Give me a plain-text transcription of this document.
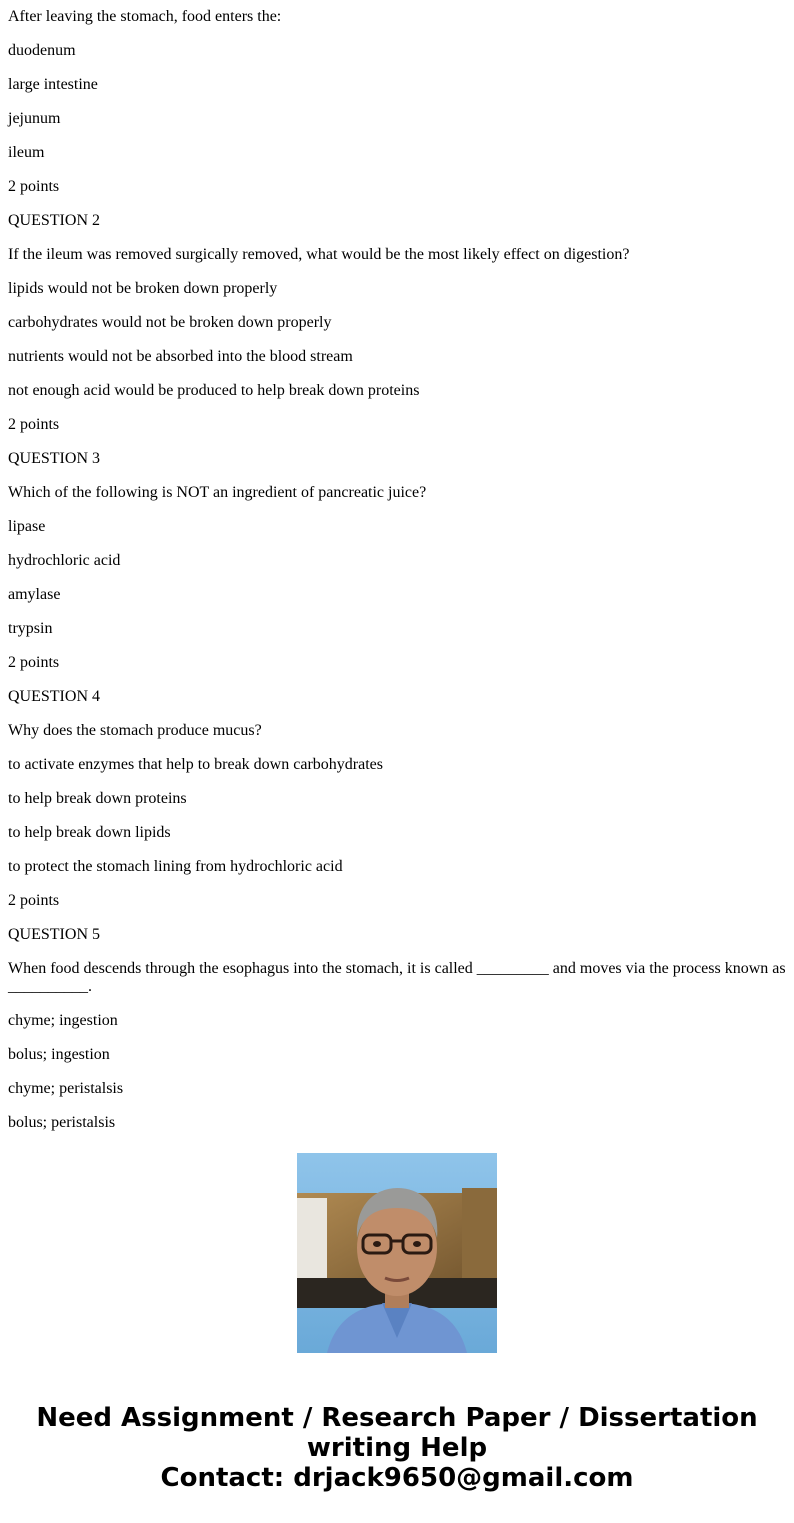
After leaving the stomach, food enters the:

duodenum

large intestine

jejunum

ileum

2 points

QUESTION 2

If the ileum was removed surgically removed, what would be the most likely effect on digestion?

lipids would not be broken down properly

carbohydrates would not be broken down properly

nutrients would not be absorbed into the blood stream

not enough acid would be produced to help break down proteins

2 points

QUESTION 3

Which of the following is NOT an ingredient of pancreatic juice?

lipase

hydrochloric acid

amylase

trypsin

2 points

QUESTION 4

Why does the stomach produce mucus?

to activate enzymes that help to break down carbohydrates

to help break down proteins

to help break down lipids

to protect the stomach lining from hydrochloric acid

2 points

QUESTION 5

When food descends through the esophagus into the stomach, it is called _________ and moves via the process known as __________.

chyme; ingestion

bolus; ingestion

chyme; peristalsis

bolus; peristalsis

Need Assignment / Research Paper / Dissertation
writing Help
Contact: drjack9650@gmail.com
